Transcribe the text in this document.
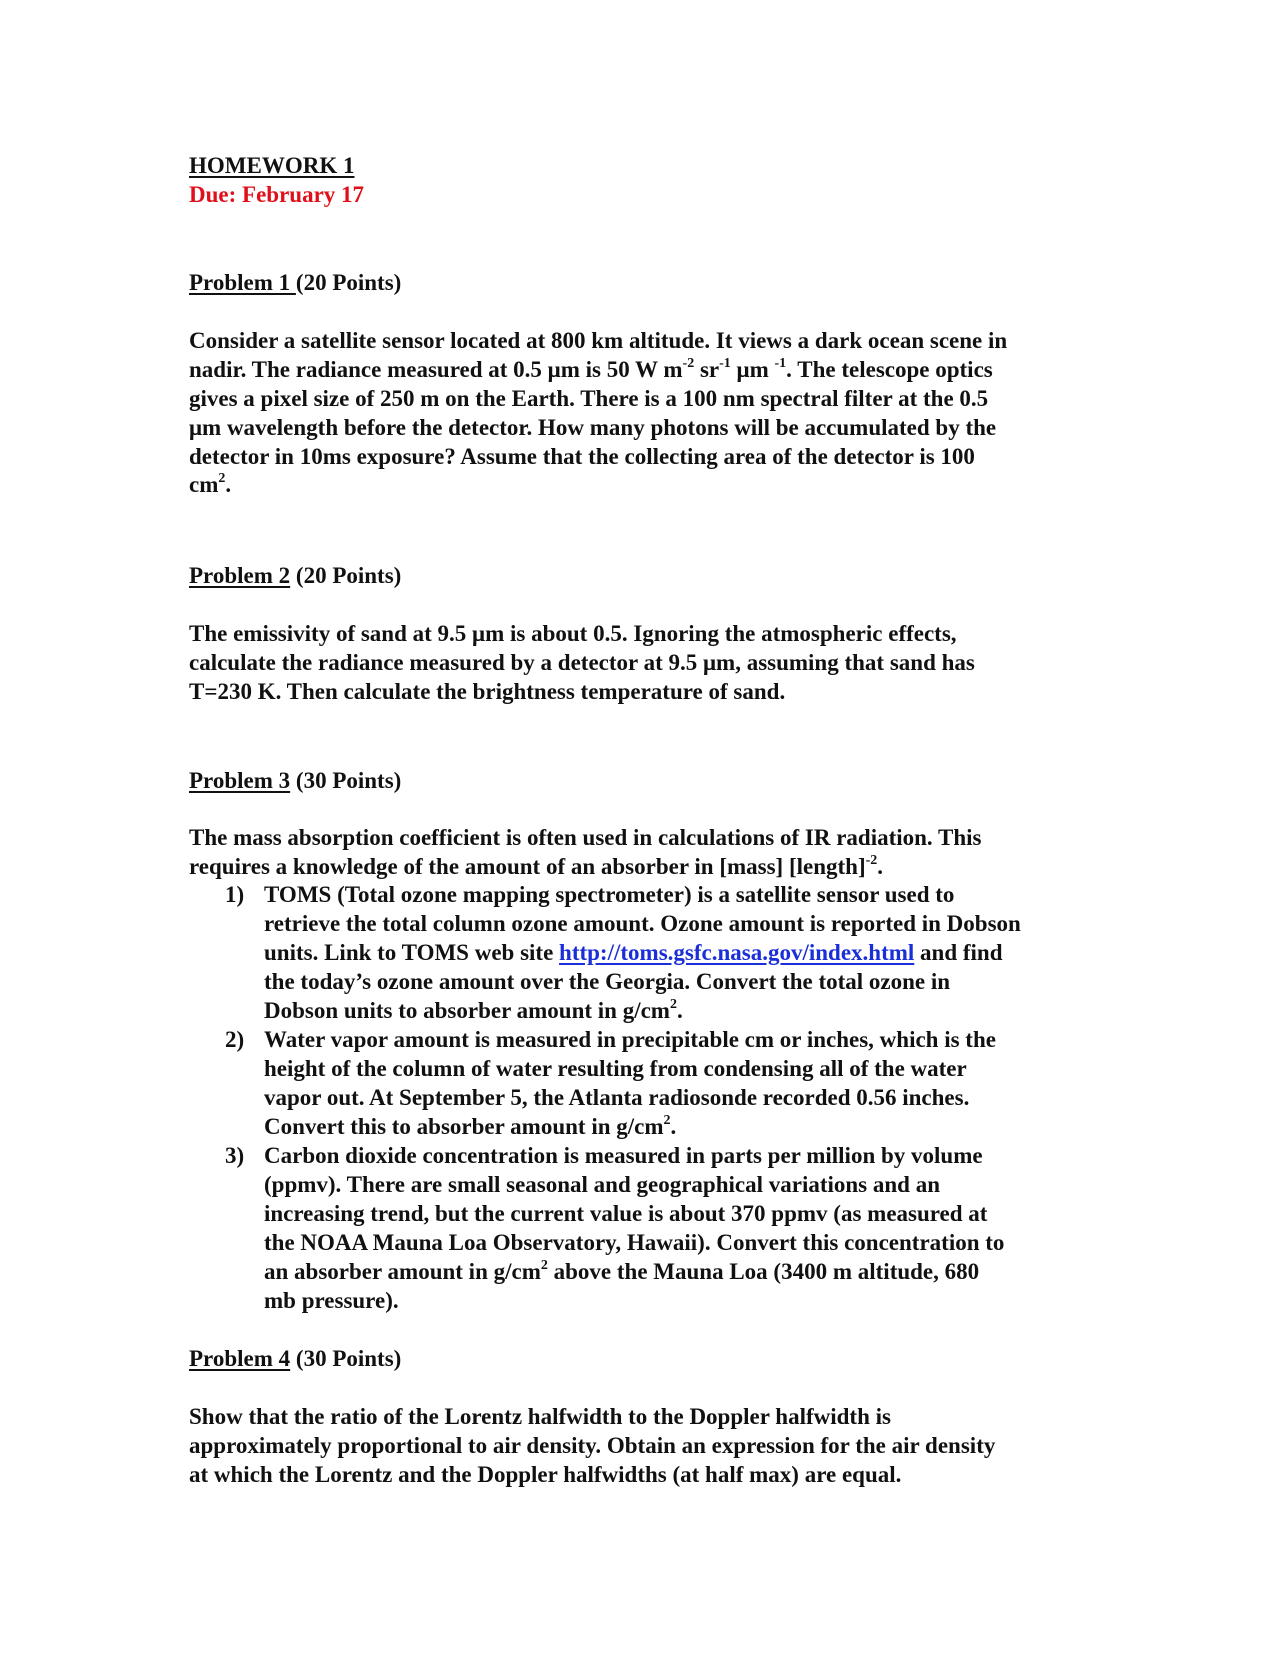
HOMEWORK 1
Due: February 17
Problem 1 (20 Points)
Consider a satellite sensor located at 800 km altitude. It views a dark ocean scene in
nadir. The radiance measured at 0.5 μm is 50 W $m^{-2}$ $sr^{-1}$ μm $^{-1}$. The telescope optics
gives a pixel size of 250 m on the Earth. There is a 100 nm spectral filter at the 0.5
μm wavelength before the detector. How many photons will be accumulated by the
detector in 10ms exposure? Assume that the collecting area of the detector is 100
$cm^2$.
Problem 2 (20 Points)
The emissivity of sand at 9.5 μm is about 0.5. Ignoring the atmospheric effects,
calculate the radiance measured by a detector at 9.5 μm, assuming that sand has
T=230 K. Then calculate the brightness temperature of sand.
Problem 3 (30 Points)
The mass absorption coefficient is often used in calculations of IR radiation. This
requires a knowledge of the amount of an absorber in [mass] [length]$^{-2}$.
1) TOMS (Total ozone mapping spectrometer) is a satellite sensor used to
retrieve the total column ozone amount. Ozone amount is reported in Dobson
units. Link to TOMS web site http://toms.gsfc.nasa.gov/index.html and find
the today’s ozone amount over the Georgia. Convert the total ozone in
Dobson units to absorber amount in $g/cm^2$.
2) Water vapor amount is measured in precipitable cm or inches, which is the
height of the column of water resulting from condensing all of the water
vapor out. At September 5, the Atlanta radiosonde recorded 0.56 inches.
Convert this to absorber amount in $g/cm^2$.
3) Carbon dioxide concentration is measured in parts per million by volume
(ppmv). There are small seasonal and geographical variations and an
increasing trend, but the current value is about 370 ppmv (as measured at
the NOAA Mauna Loa Observatory, Hawaii). Convert this concentration to
an absorber amount in $g/cm^2$ above the Mauna Loa (3400 m altitude, 680
mb pressure).
Problem 4 (30 Points)
Show that the ratio of the Lorentz halfwidth to the Doppler halfwidth is
approximately proportional to air density. Obtain an expression for the air density
at which the Lorentz and the Doppler halfwidths (at half max) are equal.
